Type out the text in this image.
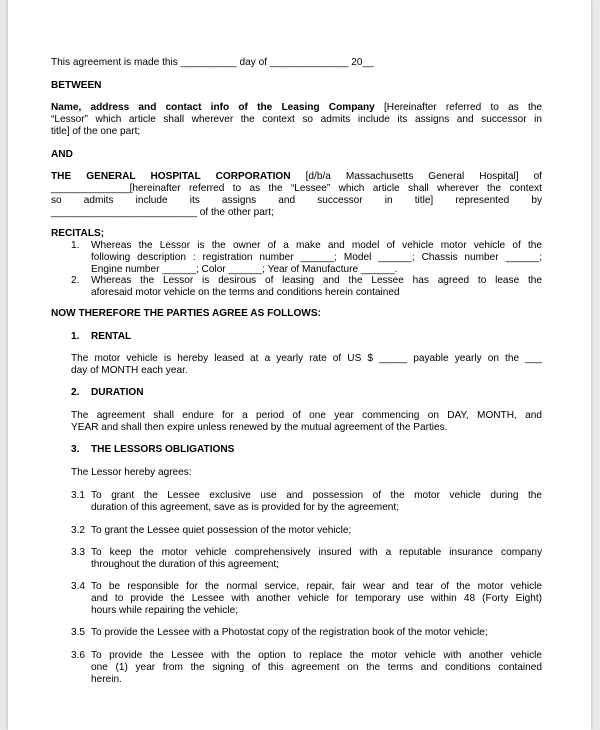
This agreement is made this __________ day of ______________ 20__

BETWEEN

Name, address and contact info of the Leasing Company [Hereinafter referred to as the
“Lessor” which article shall wherever the context so admits include its assigns and successor in
title] of the one part;

AND

THE GENERAL HOSPITAL CORPORATION [d/b/a Massachusetts General Hospital] of
______________[hereinafter referred to as the “Lessee” which article shall wherever the context
so admits include its assigns and successor in title] represented by
__________________________ of the other part;

RECITALS;

1. Whereas the Lessor is the owner of a make and model of vehicle motor vehicle of the
following description : registration number ______; Model ______; Chassis number ______;
Engine number ______; Color ______; Year of Manufacture ______.
2. Whereas the Lessor is desirous of leasing and the Lessee has agreed to lease the
aforesaid motor vehicle on the terms and conditions herein contained

NOW THEREFORE THE PARTIES AGREE AS FOLLOWS:

1. RENTAL

The motor vehicle is hereby leased at a yearly rate of US $ _____ payable yearly on the ___
day of MONTH each year.

2. DURATION

The agreement shall endure for a period of one year commencing on DAY, MONTH, and
YEAR and shall then expire unless renewed by the mutual agreement of the Parties.

3. THE LESSORS OBLIGATIONS

The Lessor hereby agrees:

3.1 To grant the Lessee exclusive use and possession of the motor vehicle during the
duration of this agreement, save as is provided for by the agreement;
3.2 To grant the Lessee quiet possession of the motor vehicle;
3.3 To keep the motor vehicle comprehensively insured with a reputable insurance company
throughout the duration of this agreement;
3.4 To be responsible for the normal service, repair, fair wear and tear of the motor vehicle
and to provide the Lessee with another vehicle for temporary use within 48 (Forty Eight)
hours while repairing the vehicle;
3.5 To provide the Lessee with a Photostat copy of the registration book of the motor vehicle;
3.6 To provide the Lessee with the option to replace the motor vehicle with another vehicle
one (1) year from the signing of this agreement on the terms and conditions contained
herein.
